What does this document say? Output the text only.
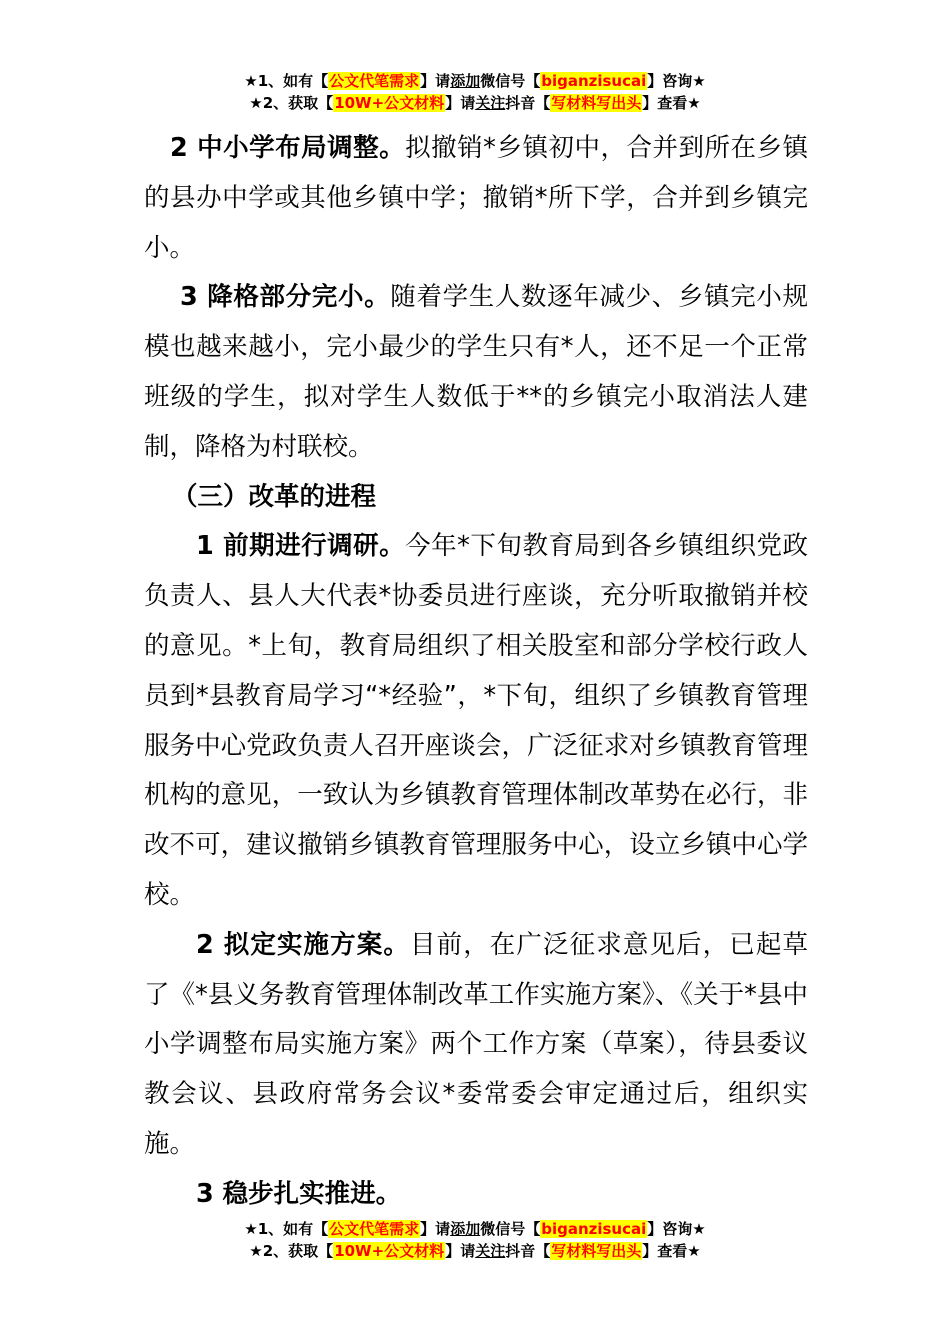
★1、如有【公文代笔需求】请添加微信号【biganzisucai】咨询★
★2、获取【10W+公文材料】请关注抖音【写材料写出头】查看★

2 中小学布局调整。拟撤销*乡镇初中，合并到所在乡镇的县办中学或其他乡镇中学；撤销*所下学，合并到乡镇完小。

3 降格部分完小。随着学生人数逐年减少、乡镇完小规模也越来越小，完小最少的学生只有*人，还不足一个正常班级的学生，拟对学生人数低于**的乡镇完小取消法人建制，降格为村联校。

（三）改革的进程

1 前期进行调研。今年*下旬教育局到各乡镇组织党政负责人、县人大代表*协委员进行座谈，充分听取撤销并校的意见。*上旬，教育局组织了相关股室和部分学校行政人员到*县教育局学习“*经验”，*下旬，组织了乡镇教育管理服务中心党政负责人召开座谈会，广泛征求对乡镇教育管理机构的意见，一致认为乡镇教育管理体制改革势在必行，非改不可，建议撤销乡镇教育管理服务中心，设立乡镇中心学校。

2 拟定实施方案。目前，在广泛征求意见后，已起草了《*县义务教育管理体制改革工作实施方案》、《关于*县中小学调整布局实施方案》两个工作方案（草案），待县委议教会议、县政府常务会议*委常委会审定通过后，组织实施。

3 稳步扎实推进。

★1、如有【公文代笔需求】请添加微信号【biganzisucai】咨询★
★2、获取【10W+公文材料】请关注抖音【写材料写出头】查看★
